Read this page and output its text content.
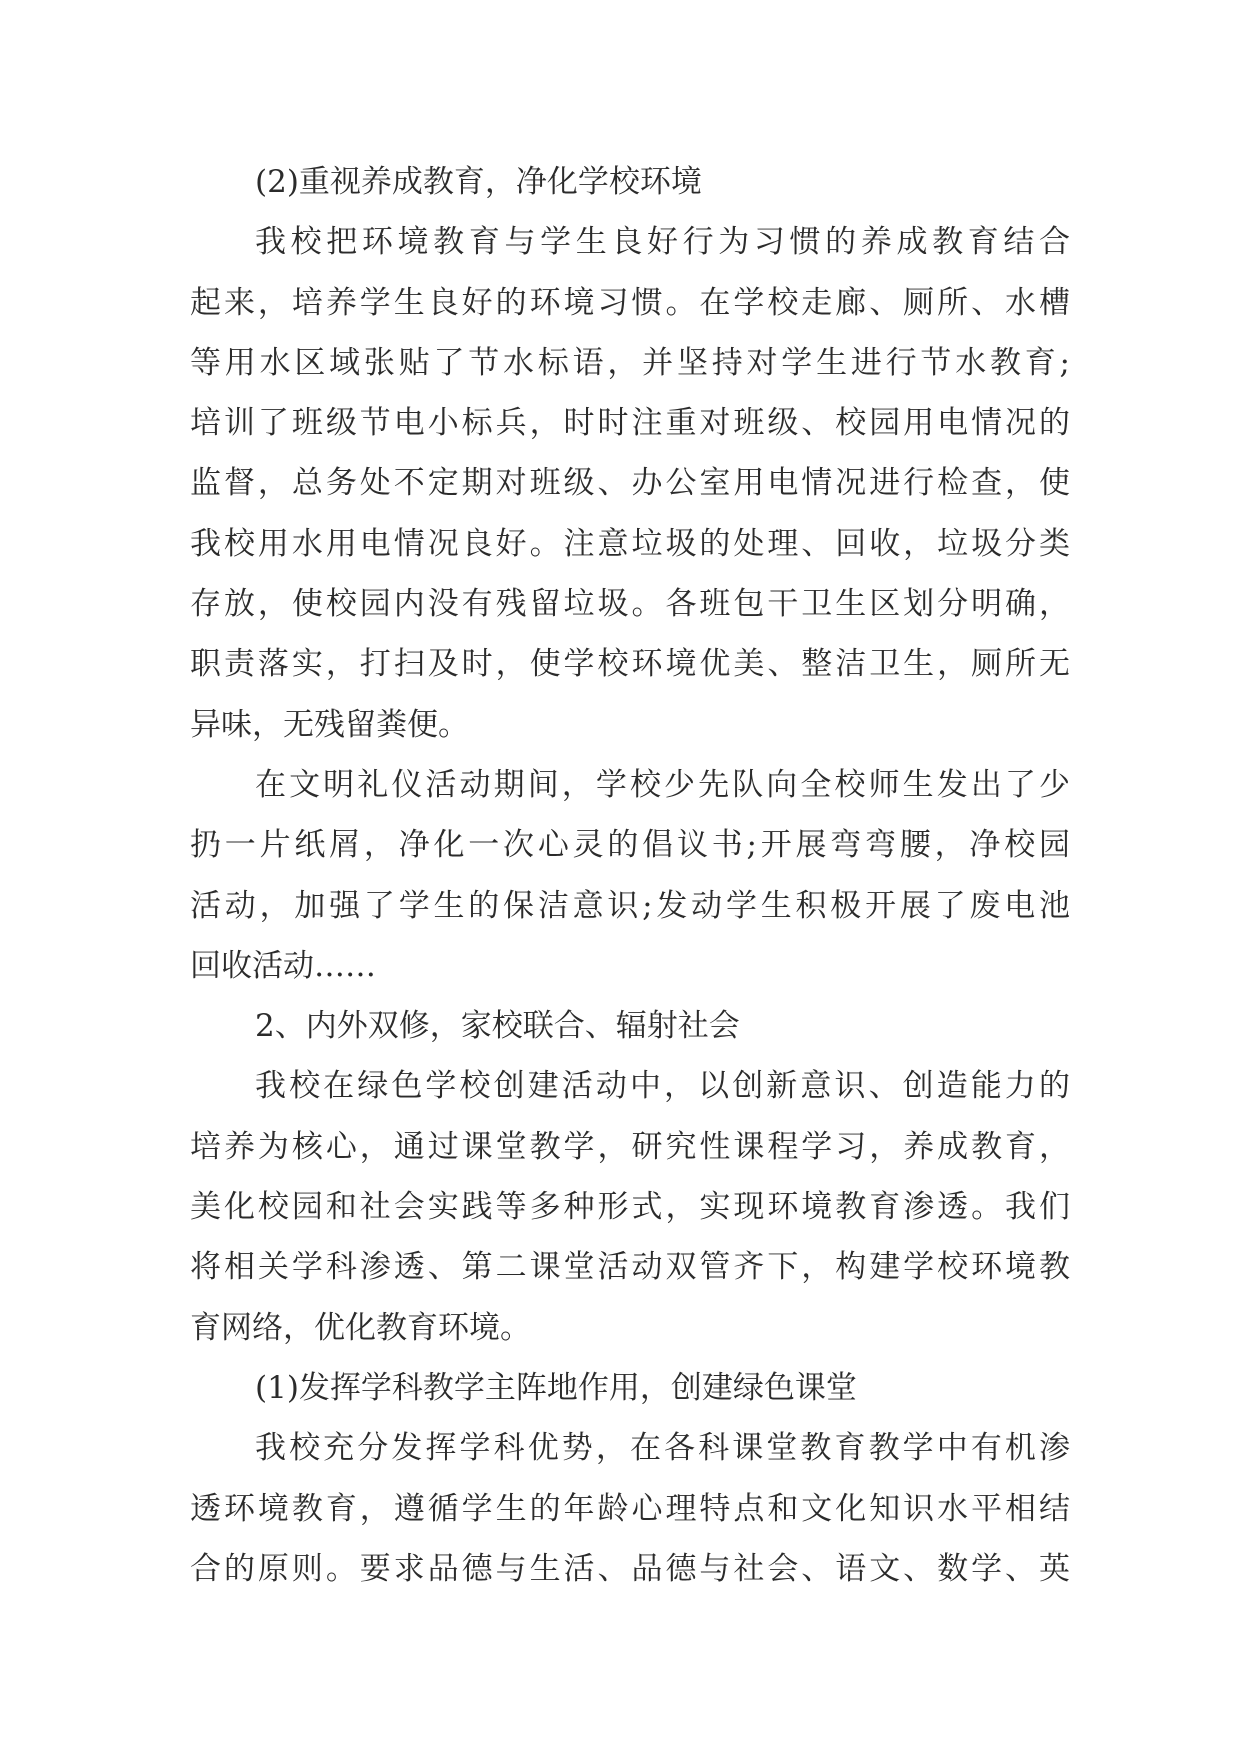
(2)重视养成教育，净化学校环境
我校把环境教育与学生良好行为习惯的养成教育结合
起来，培养学生良好的环境习惯。在学校走廊、厕所、水槽
等用水区域张贴了节水标语，并坚持对学生进行节水教育;
培训了班级节电小标兵，时时注重对班级、校园用电情况的
监督，总务处不定期对班级、办公室用电情况进行检查，使
我校用水用电情况良好。注意垃圾的处理、回收，垃圾分类
存放，使校园内没有残留垃圾。各班包干卫生区划分明确，
职责落实，打扫及时，使学校环境优美、整洁卫生，厕所无
异味，无残留粪便。
在文明礼仪活动期间，学校少先队向全校师生发出了少
扔一片纸屑，净化一次心灵的倡议书;开展弯弯腰，净校园
活动，加强了学生的保洁意识;发动学生积极开展了废电池
回收活动……
2、内外双修，家校联合、辐射社会
我校在绿色学校创建活动中，以创新意识、创造能力的
培养为核心，通过课堂教学，研究性课程学习，养成教育，
美化校园和社会实践等多种形式，实现环境教育渗透。我们
将相关学科渗透、第二课堂活动双管齐下，构建学校环境教
育网络，优化教育环境。
(1)发挥学科教学主阵地作用，创建绿色课堂
我校充分发挥学科优势，在各科课堂教育教学中有机渗
透环境教育，遵循学生的年龄心理特点和文化知识水平相结
合的原则。要求品德与生活、品德与社会、语文、数学、英
